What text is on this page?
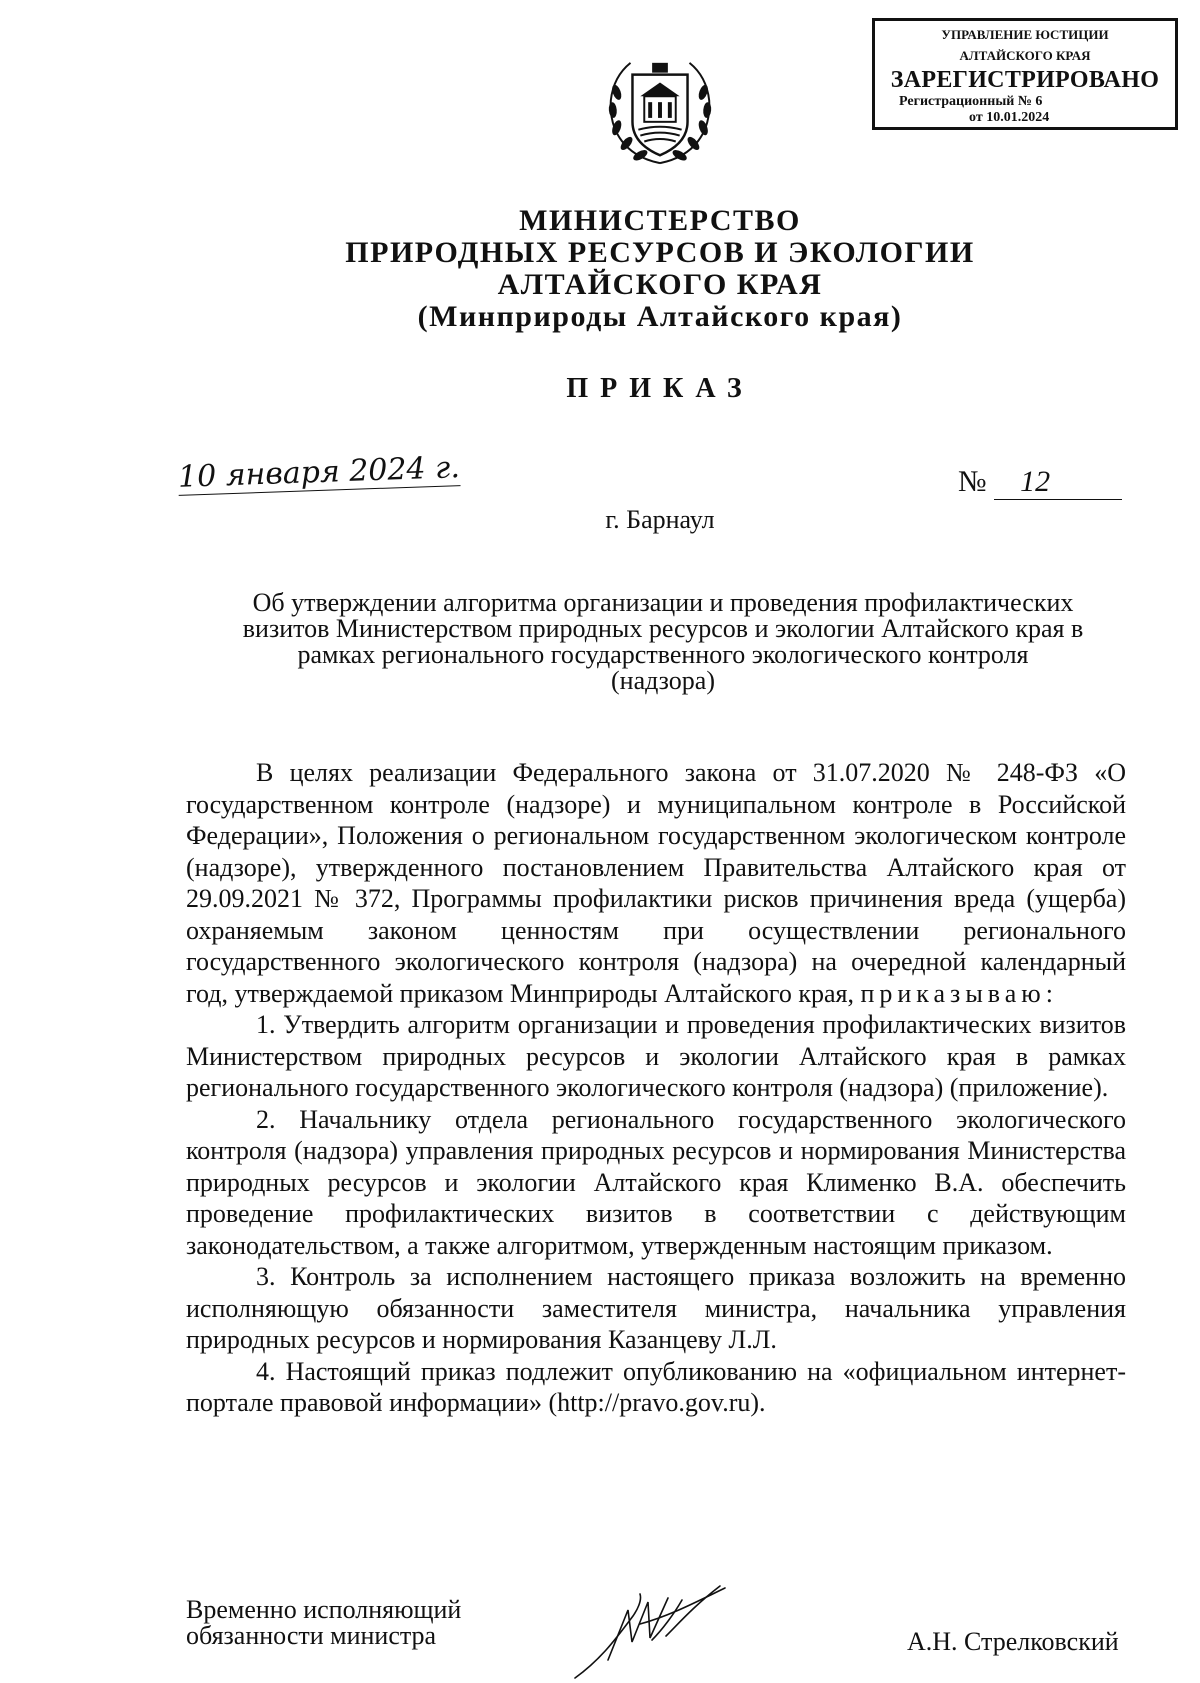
УПРАВЛЕНИЕ ЮСТИЦИИ
АЛТАЙСКОГО КРАЯ
ЗАРЕГИСТРИРОВАНО
Регистрационный № 6
от 10.01.2024
МИНИСТЕРСТВО
ПРИРОДНЫХ РЕСУРСОВ И ЭКОЛОГИИ
АЛТАЙСКОГО КРАЯ
(Минприроды Алтайского края)
ПРИКАЗ
10 января 2024 г.	№ 12
г. Барнаул
Об утверждении алгоритма организации и проведения профилактических
визитов Министерством природных ресурсов и экологии Алтайского края в
рамках регионального государственного экологического контроля
(надзора)

В целях реализации Федерального закона от 31.07.2020 № 248-ФЗ «О государственном контроле (надзоре) и муниципальном контроле в Российской Федерации», Положения о региональном государственном экологическом контроле (надзоре), утвержденного постановлением Правительства Алтайского края от 29.09.2021 № 372, Программы профилактики рисков причинения вреда (ущерба) охраняемым законом ценностям при осуществлении регионального государственного экологического контроля (надзора) на очередной календарный год, утверждаемой приказом Минприроды Алтайского края, приказываю:

1. Утвердить алгоритм организации и проведения профилактических визитов Министерством природных ресурсов и экологии Алтайского края в рамках регионального государственного экологического контроля (надзора) (приложение).

2. Начальнику отдела регионального государственного экологического контроля (надзора) управления природных ресурсов и нормирования Министерства природных ресурсов и экологии Алтайского края Клименко В.А. обеспечить проведение профилактических визитов в соответствии с действующим законодательством, а также алгоритмом, утвержденным настоящим приказом.

3. Контроль за исполнением настоящего приказа возложить на временно исполняющую обязанности заместителя министра, начальника управления природных ресурсов и нормирования Казанцеву Л.Л.

4. Настоящий приказ подлежит опубликованию на «официальном интернет-портале правовой информации» (http://pravo.gov.ru).

Временно исполняющий
обязанности министра	А.Н. Стрелковский
